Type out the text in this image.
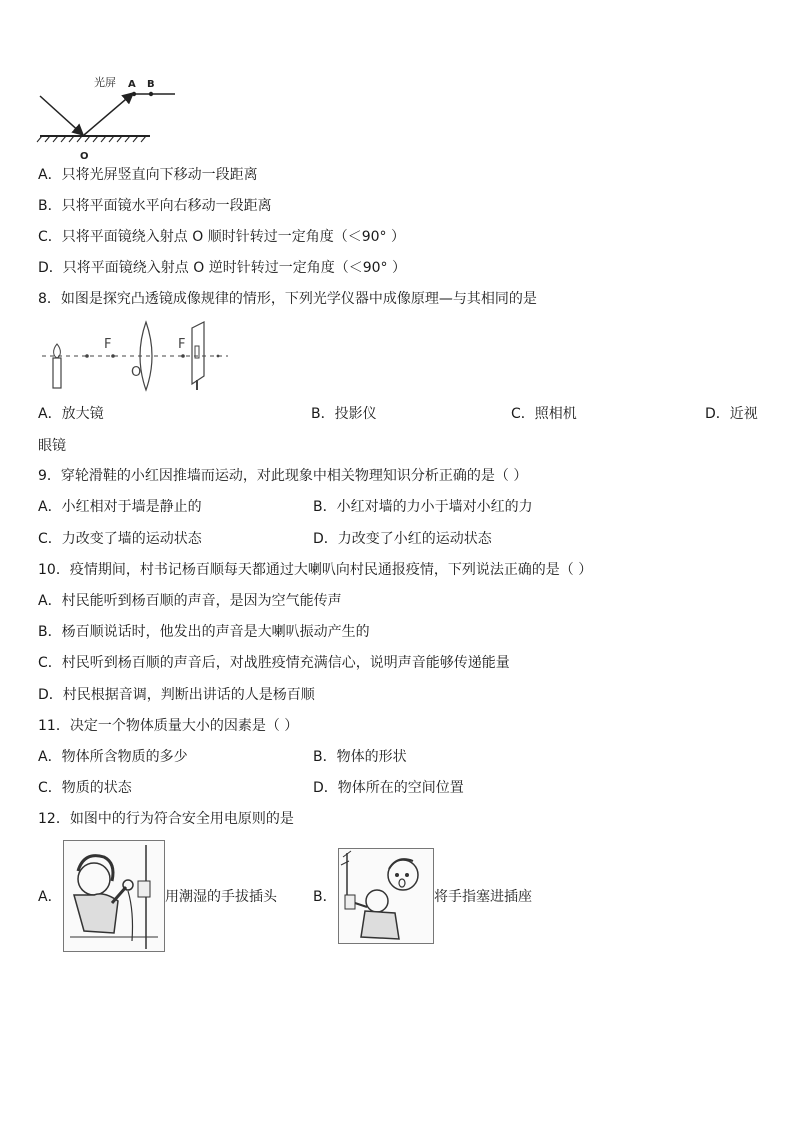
光屏 A B
O
A．只将光屏竖直向下移动一段距离
B．只将平面镜水平向右移动一段距离
C．只将平面镜绕入射点 O 顺时针转过一定角度（＜90° ）
D．只将平面镜绕入射点 O 逆时针转过一定角度（＜90° ）
8．如图是探究凸透镜成像规律的情形，下列光学仪器中成像原理—与其相同的是
F
O
F
A．放大镜	B．投影仪	C．照相机	D．近视
眼镜
9．穿轮滑鞋的小红因推墙而运动，对此现象中相关物理知识分析正确的是（ ）
A．小红相对于墙是静止的	B．小红对墙的力小于墙对小红的力
C．力改变了墙的运动状态	D．力改变了小红的运动状态
10．疫情期间，村书记杨百顺每天都通过大喇叭向村民通报疫情，下列说法正确的是（ ）
A．村民能听到杨百顺的声音，是因为空气能传声
B．杨百顺说话时，他发出的声音是大喇叭振动产生的
C．村民听到杨百顺的声音后，对战胜疫情充满信心，说明声音能够传递能量
D．村民根据音调，判断出讲话的人是杨百顺
11．决定一个物体质量大小的因素是（ ）
A．物体所含物质的多少	B．物体的形状
C．物质的状态	D．物体所在的空间位置
12．如图中的行为符合安全用电原则的是
A．	用潮湿的手拔插头	B．	将手指塞进插座
